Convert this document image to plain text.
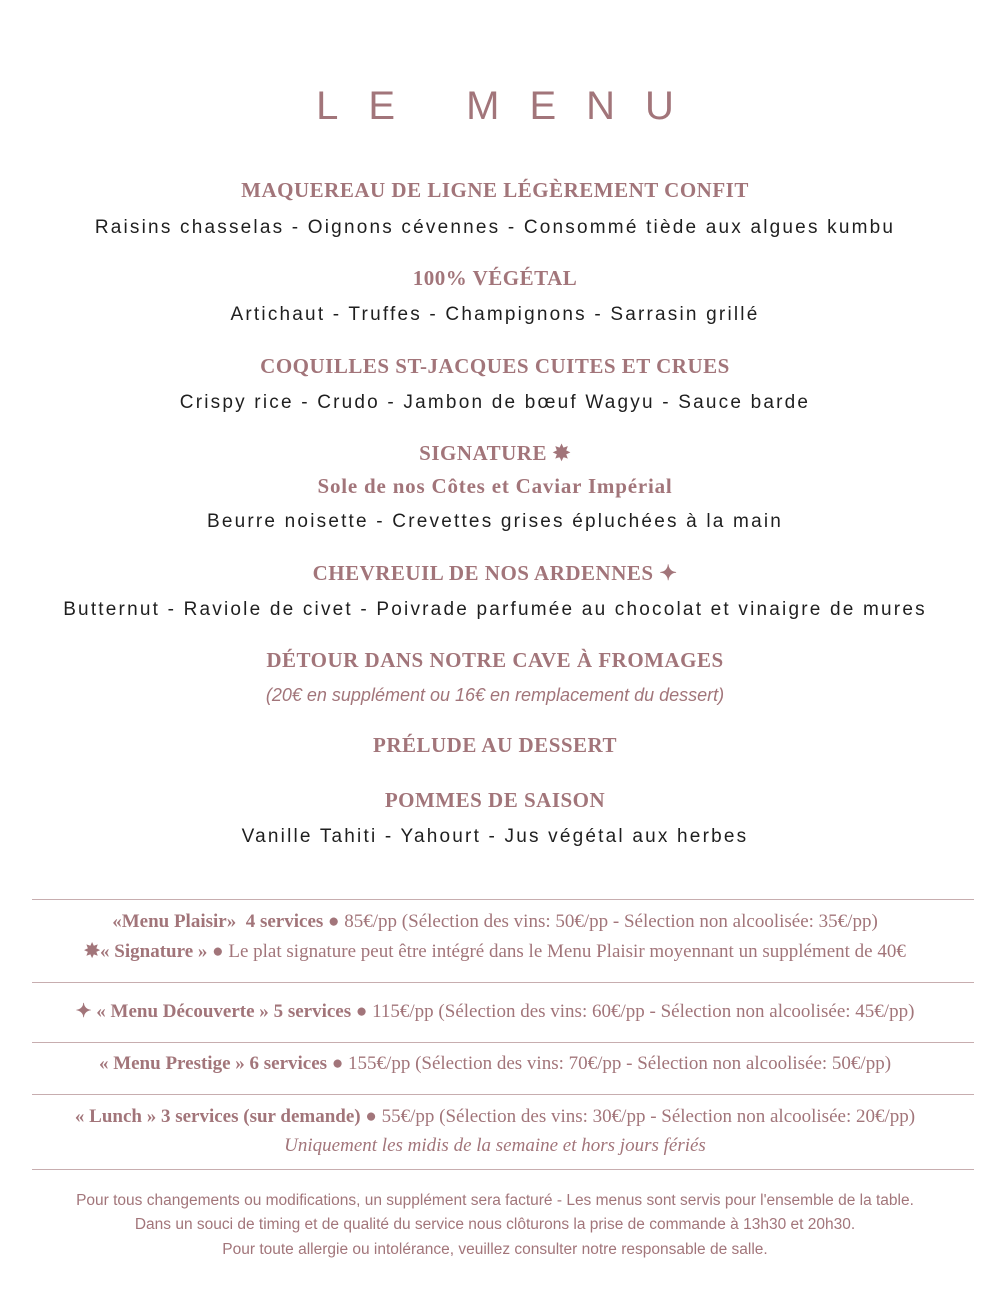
LE MENU
MAQUEREAU DE LIGNE LÉGÈREMENT CONFIT
Raisins chasselas - Oignons cévennes - Consommé tiède aux algues kumbu
100% VÉGÉTAL
Artichaut - Truffes - Champignons - Sarrasin grillé
COQUILLES ST-JACQUES CUITES ET CRUES
Crispy rice - Crudo - Jambon de bœuf Wagyu - Sauce barde
SIGNATURE ✸
Sole de nos Côtes et Caviar Impérial
Beurre noisette - Crevettes grises épluchées à la main
CHEVREUIL DE NOS ARDENNES ✦
Butternut - Raviole de civet - Poivrade parfumée au chocolat et vinaigre de mures
DÉTOUR DANS NOTRE CAVE À FROMAGES
(20€ en supplément ou 16€ en remplacement du dessert)
PRÉLUDE AU DESSERT
POMMES DE SAISON
Vanille Tahiti - Yahourt - Jus végétal aux herbes
«Menu Plaisir» 4 services ● 85€/pp (Sélection des vins: 50€/pp - Sélection non alcoolisée: 35€/pp)
✸« Signature » ● Le plat signature peut être intégré dans le Menu Plaisir moyennant un supplément de 40€
✦ « Menu Découverte » 5 services ● 115€/pp (Sélection des vins: 60€/pp - Sélection non alcoolisée: 45€/pp)
« Menu Prestige » 6 services ● 155€/pp (Sélection des vins: 70€/pp - Sélection non alcoolisée: 50€/pp)
« Lunch » 3 services (sur demande) ● 55€/pp (Sélection des vins: 30€/pp - Sélection non alcoolisée: 20€/pp)
Uniquement les midis de la semaine et hors jours fériés
Pour tous changements ou modifications, un supplément sera facturé - Les menus sont servis pour l'ensemble de la table.
Dans un souci de timing et de qualité du service nous clôturons la prise de commande à 13h30 et 20h30.
Pour toute allergie ou intolérance, veuillez consulter notre responsable de salle.
